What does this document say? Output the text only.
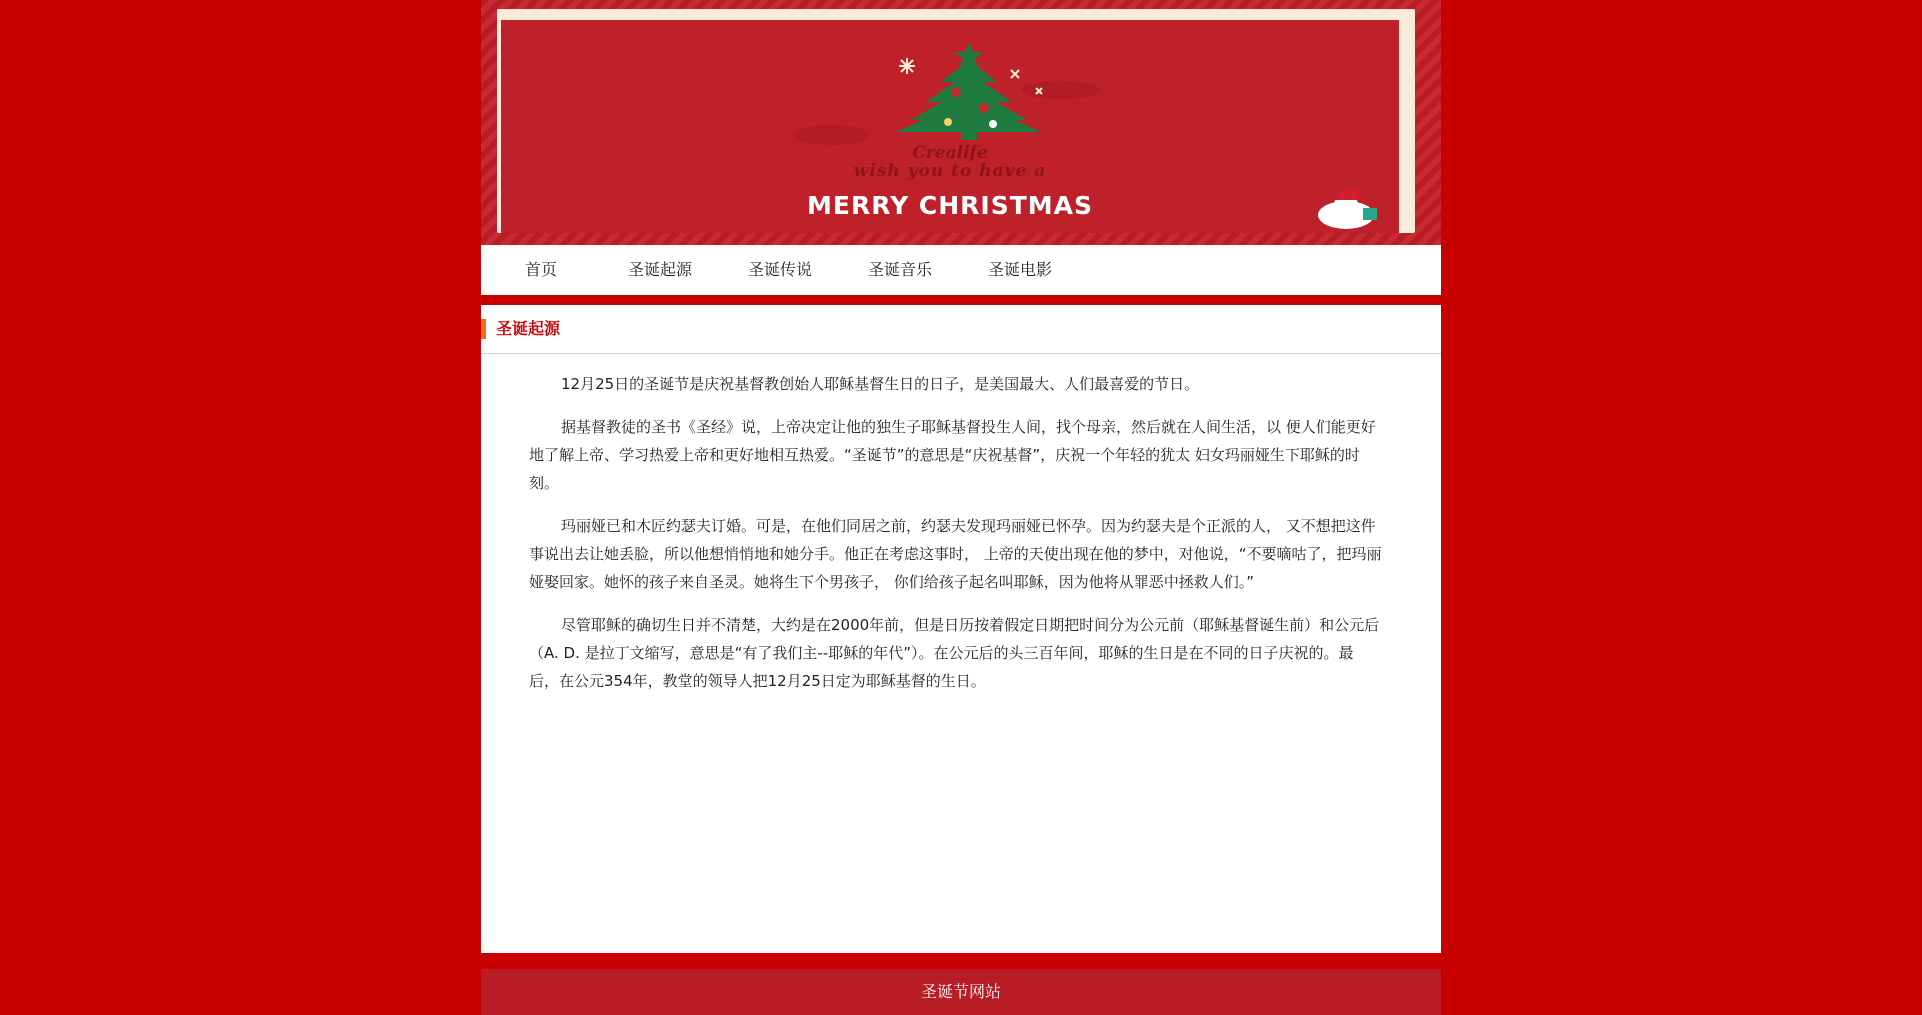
Crealife
wish you to have a
MERRY CHRISTMAS
首页	圣诞起源	圣诞传说	圣诞音乐	圣诞电影
圣诞起源

12月25日的圣诞节是庆祝基督教创始人耶稣基督生日的日子，是美国最大、人们最喜爱的节日。

据基督教徒的圣书《圣经》说，上帝决定让他的独生子耶稣基督投生人间，找个母亲，然后就在人间生活，以 便人们能更好地了解上帝、学习热爱上帝和更好地相互热爱。“圣诞节”的意思是“庆祝基督”，庆祝一个年轻的犹太 妇女玛丽娅生下耶稣的时刻。

玛丽娅已和木匠约瑟夫订婚。可是，在他们同居之前，约瑟夫发现玛丽娅已怀孕。因为约瑟夫是个正派的人， 又不想把这件事说出去让她丢脸，所以他想悄悄地和她分手。他正在考虑这事时， 上帝的天使出现在他的梦中，对他说，“不要嘀咕了，把玛丽娅娶回家。她怀的孩子来自圣灵。她将生下个男孩子， 你们给孩子起名叫耶稣，因为他将从罪恶中拯救人们。”

尽管耶稣的确切生日并不清楚，大约是在2000年前，但是日历按着假定日期把时间分为公元前（耶稣基督诞生前）和公元后（A. D. 是拉丁文缩写，意思是“有了我们主--耶稣的年代”）。在公元后的头三百年间，耶稣的生日是在不同的日子庆祝的。最后，在公元354年，教堂的领导人把12月25日定为耶稣基督的生日。

圣诞节网站
